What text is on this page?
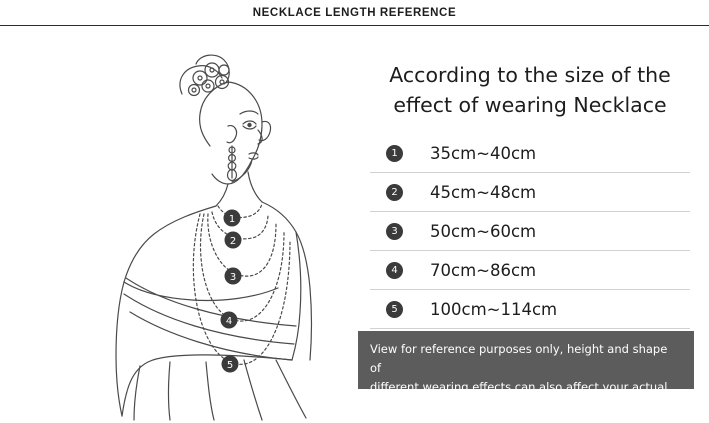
NECKLACE LENGTH REFERENCE
1
2
3
4
5
According to the size of the
effect of wearing Necklace
1	35cm~40cm
2	45cm~48cm
3	50cm~60cm
4	70cm~86cm
5	100cm~114cm
View for reference purposes only, height and shape of
different wearing effects can also affect your actual
